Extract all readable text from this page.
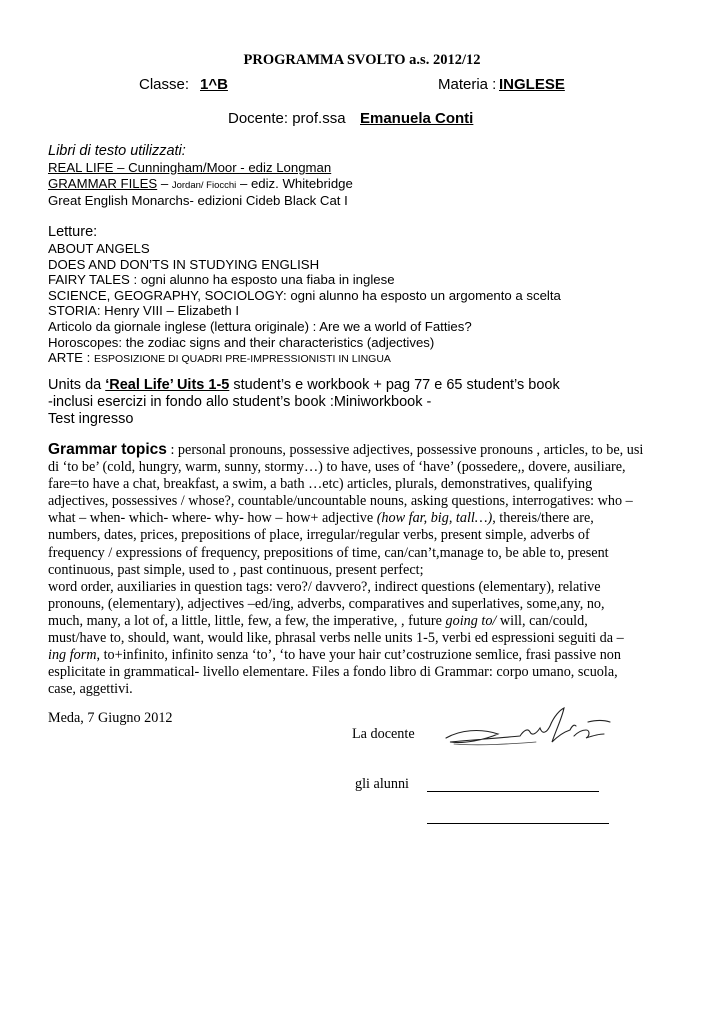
PROGRAMMA SVOLTO a.s. 2012/12
Classe: 1^B	Materia : INGLESE
Docente: prof.ssa Emanuela Conti
Libri di testo utilizzati:
REAL LIFE – Cunningham/Moor - ediz Longman
GRAMMAR FILES – Jordan/ Fiocchi – ediz. Whitebridge
Great English Monarchs- edizioni Cideb Black Cat I
Letture:
ABOUT ANGELS
DOES AND DON’TS IN STUDYING ENGLISH
FAIRY TALES : ogni alunno ha esposto una fiaba in inglese
SCIENCE, GEOGRAPHY, SOCIOLOGY: ogni alunno ha esposto un argomento a scelta
STORIA: Henry VIII – Elizabeth I
Articolo da giornale inglese (lettura originale) : Are we a world of Fatties?
Horoscopes: the zodiac signs and their characteristics (adjectives)
ARTE : ESPOSIZIONE DI QUADRI PRE-IMPRESSIONISTI IN LINGUA
Units da ‘Real Life’ Uits 1-5 student’s e workbook + pag 77 e 65 student’s book
-inclusi esercizi in fondo allo student’s book :Miniworkbook -
Test ingresso
Grammar topics : personal pronouns, possessive adjectives, possessive pronouns , articles, to be, usi
di ‘to be’ (cold, hungry, warm, sunny, stormy…) to have, uses of ‘have’ (possedere,, dovere, ausiliare,
fare=to have a chat, breakfast, a swim, a bath …etc) articles, plurals, demonstratives, qualifying
adjectives, possessives / whose?, countable/uncountable nouns, asking questions, interrogatives: who –
what – when- which- where- why- how – how+ adjective (how far, big, tall…), thereis/there are,
numbers, dates, prices, prepositions of place, irregular/regular verbs, present simple, adverbs of
frequency / expressions of frequency, prepositions of time, can/can’t,manage to, be able to, present
continuous, past simple, used to , past continuous, present perfect;
word order, auxiliaries in question tags: vero?/ davvero?, indirect questions (elementary), relative
pronouns, (elementary), adjectives –ed/ing, adverbs, comparatives and superlatives, some,any, no,
much, many, a lot of, a little, little, few, a few, the imperative, , future going to/ will, can/could,
must/have to, should, want, would like, phrasal verbs nelle units 1-5, verbi ed espressioni seguiti da –
ing form, to+infinito, infinito senza ‘to’, ‘to have your hair cut’costruzione semlice, frasi passive non
esplicitate in grammatical- livello elementare. Files a fondo libro di Grammar: corpo umano, scuola,
case, aggettivi.
Meda, 7 Giugno 2012
La docente
gli alunni
